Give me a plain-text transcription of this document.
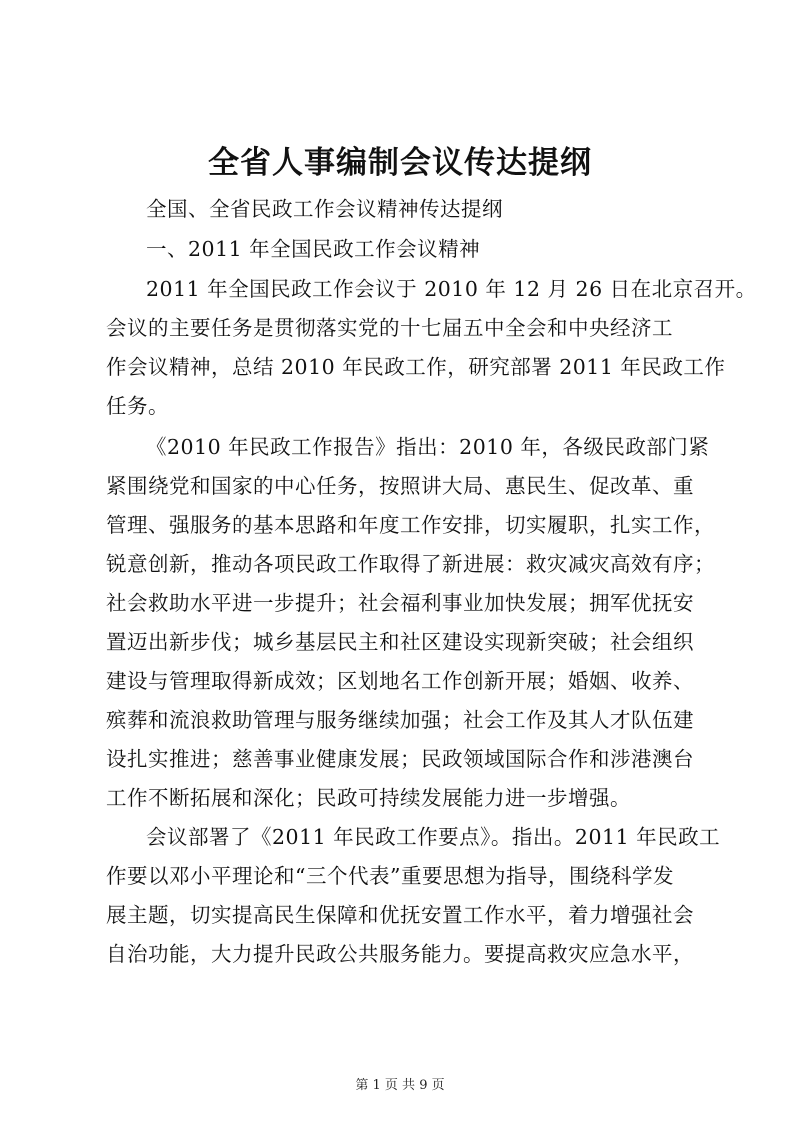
全省人事编制会议传达提纲

全国、全省民政工作会议精神传达提纲

一、2011 年全国民政工作会议精神

2011 年全国民政工作会议于 2010 年 12 月 26 日在北京召开。

会议的主要任务是贯彻落实党的十七届五中全会和中央经济工

作会议精神，总结 2010 年民政工作，研究部署 2011 年民政工作

任务。

《2010 年民政工作报告》指出：2010 年，各级民政部门紧

紧围绕党和国家的中心任务，按照讲大局、惠民生、促改革、重

管理、强服务的基本思路和年度工作安排，切实履职，扎实工作，

锐意创新，推动各项民政工作取得了新进展：救灾减灾高效有序；

社会救助水平进一步提升；社会福利事业加快发展；拥军优抚安

置迈出新步伐；城乡基层民主和社区建设实现新突破；社会组织

建设与管理取得新成效；区划地名工作创新开展；婚姻、收养、

殡葬和流浪救助管理与服务继续加强；社会工作及其人才队伍建

设扎实推进；慈善事业健康发展；民政领域国际合作和涉港澳台

工作不断拓展和深化；民政可持续发展能力进一步增强。

会议部署了《2011 年民政工作要点》。指出。2011 年民政工

作要以邓小平理论和“三个代表”重要思想为指导，围绕科学发

展主题，切实提高民生保障和优抚安置工作水平，着力增强社会

自治功能，大力提升民政公共服务能力。要提高救灾应急水平，

第 1 页 共 9 页
